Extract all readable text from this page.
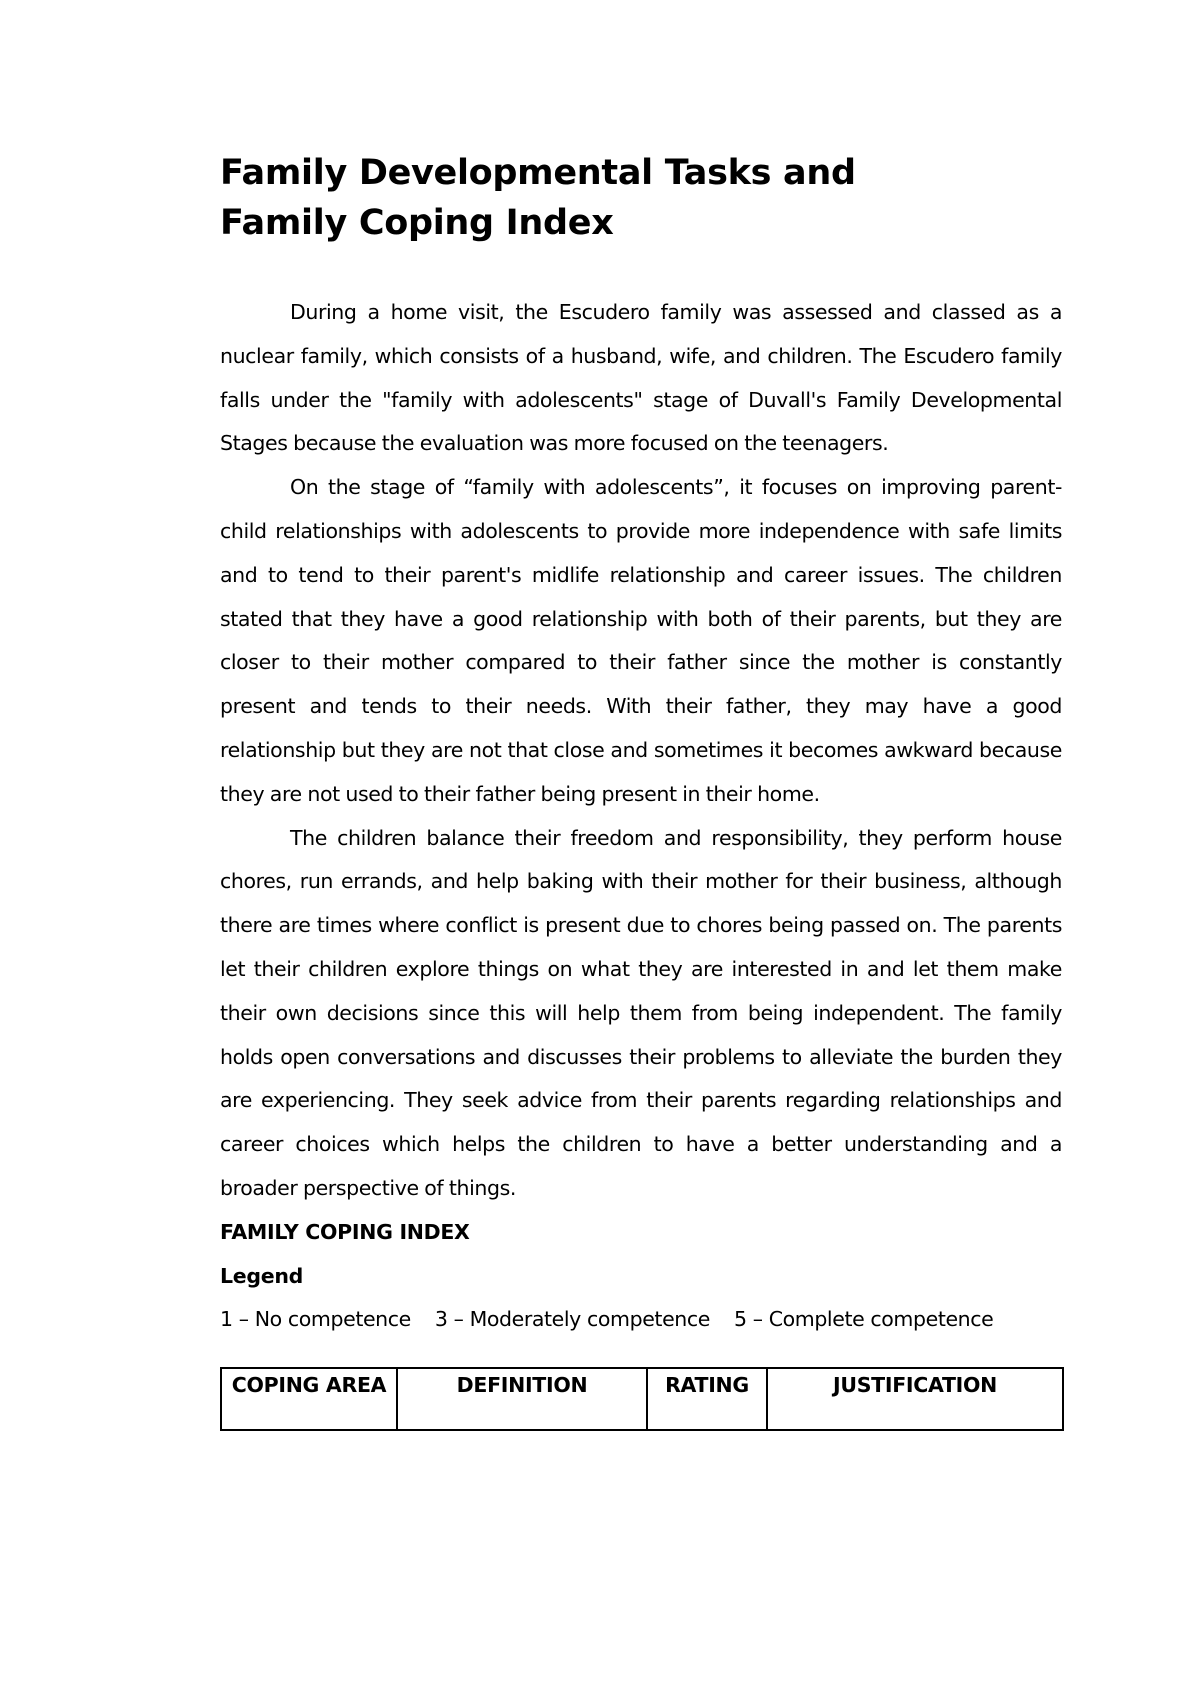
Family Developmental Tasks and
Family Coping Index

During a home visit, the Escudero family was assessed and classed as a nuclear family, which consists of a husband, wife, and children. The Escudero family falls under the "family with adolescents" stage of Duvall's Family Developmental Stages because the evaluation was more focused on the teenagers.

On the stage of “family with adolescents”, it focuses on improving parent-child relationships with adolescents to provide more independence with safe limits and to tend to their parent's midlife relationship and career issues. The children stated that they have a good relationship with both of their parents, but they are closer to their mother compared to their father since the mother is constantly present and tends to their needs. With their father, they may have a good relationship but they are not that close and sometimes it becomes awkward because they are not used to their father being present in their home.

The children balance their freedom and responsibility, they perform house chores, run errands, and help baking with their mother for their business, although there are times where conflict is present due to chores being passed on. The parents let their children explore things on what they are interested in and let them make their own decisions since this will help them from being independent. The family holds open conversations and discusses their problems to alleviate the burden they are experiencing. They seek advice from their parents regarding relationships and career choices which helps the children to have a better understanding and a broader perspective of things.

FAMILY COPING INDEX

Legend

1 – No competence 3 – Moderately competence 5 – Complete competence

COPING AREA	DEFINITION	RATING	JUSTIFICATION
